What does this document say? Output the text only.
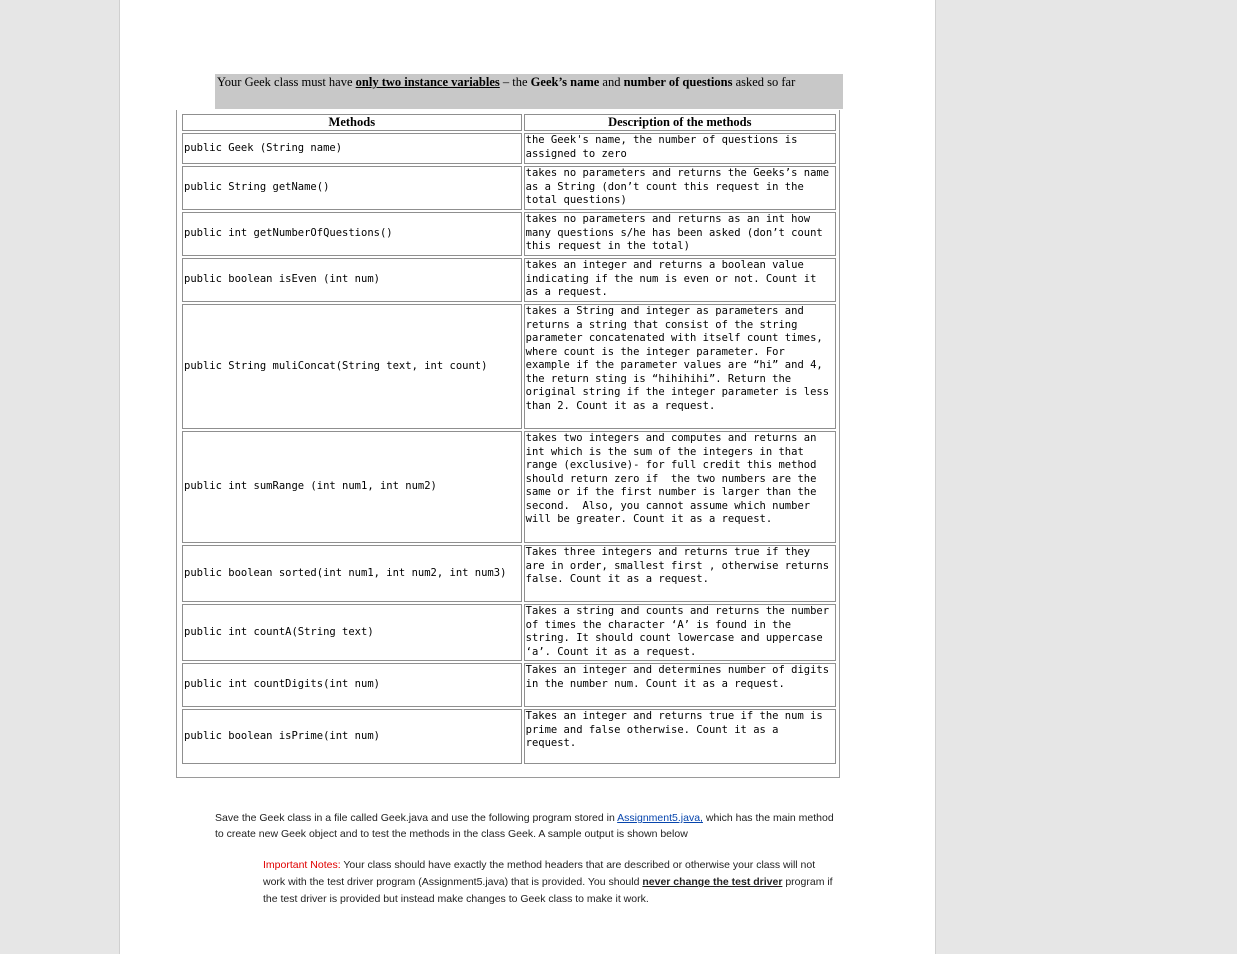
Your Geek class must have only two instance variables – the Geek’s name and number of questions asked so far

Methods	Description of the methods
public Geek (String name)	the Geek's name, the number of questions is assigned to zero
public String getName()	takes no parameters and returns the Geeks’s name as a String (don’t count this request in the total questions)
public int getNumberOfQuestions()	takes no parameters and returns as an int how many questions s/he has been asked (don’t count this request in the total)
public boolean isEven (int num)	takes an integer and returns a boolean value indicating if the num is even or not. Count it as a request.
public String muliConcat(String text, int count)	takes a String and integer as parameters and returns a string that consist of the string parameter concatenated with itself count times, where count is the integer parameter. For example if the parameter values are “hi” and 4, the return sting is “hihihihi”. Return the original string if the integer parameter is less than 2. Count it as a request.
public int sumRange (int num1, int num2)	takes two integers and computes and returns an int which is the sum of the integers in that range (exclusive)- for full credit this method should return zero if  the two numbers are the same or if the first number is larger than the second.  Also, you cannot assume which number will be greater. Count it as a request.
public boolean sorted(int num1, int num2, int num3)	Takes three integers and returns true if they are in order, smallest first , otherwise returns false. Count it as a request.
public int countA(String text)	Takes a string and counts and returns the number of times the character ‘A’ is found in the string. It should count lowercase and uppercase ‘a’. Count it as a request.
public int countDigits(int num)	Takes an integer and determines number of digits in the number num. Count it as a request.
public boolean isPrime(int num)	Takes an integer and returns true if the num is prime and false otherwise. Count it as a request.
Save the Geek class in a file called Geek.java and use the following program stored in Assignment5.java, which has the main method to create new Geek object and to test the methods in the class Geek. A sample output is shown below
Important Notes: Your class should have exactly the method headers that are described or otherwise your class will not work with the test driver program (Assignment5.java) that is provided. You should never change the test driver program if the test driver is provided but instead make changes to Geek class to make it work.
